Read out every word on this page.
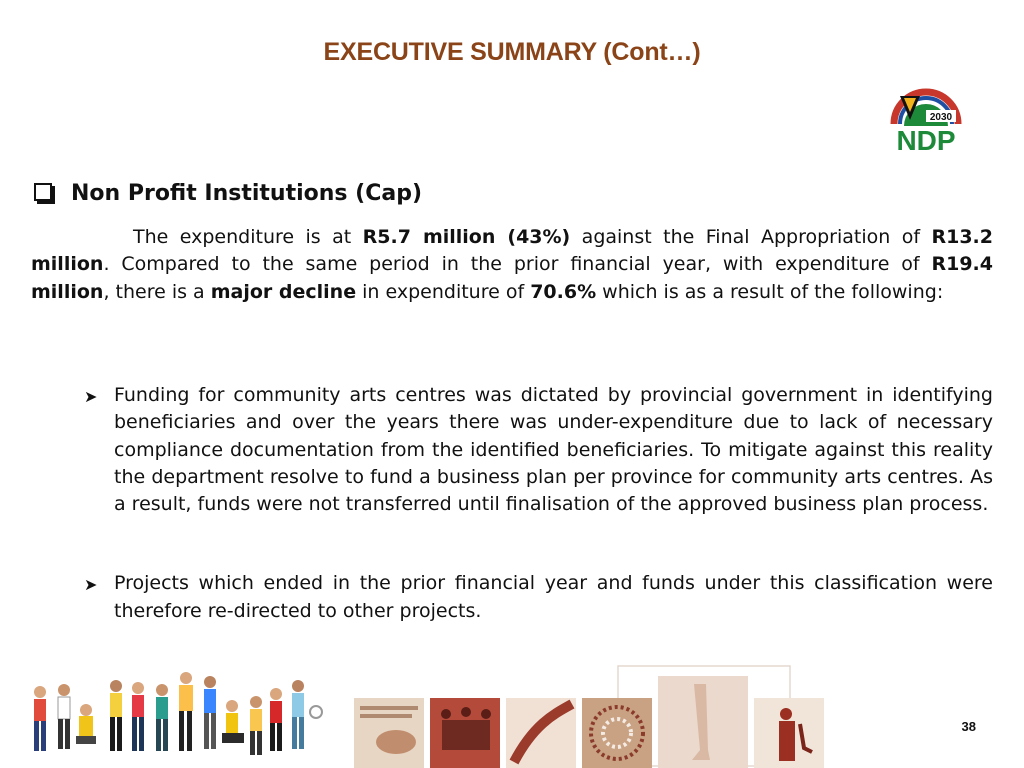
EXECUTIVE SUMMARY (Cont…)
2030
NDP
Non Profit Institutions (Cap)
The expenditure is at R5.7 million (43%) against the Final Appropriation of R13.2 million. Compared to the same period in the prior financial year, with expenditure of R19.4 million, there is a major decline in expenditure of 70.6% which is as a result of the following:
➤ Funding for community arts centres was dictated by provincial government in identifying beneficiaries and over the years there was under-expenditure due to lack of necessary compliance documentation from the identified beneficiaries. To mitigate against this reality the department resolve to fund a business plan per province for community arts centres. As a result, funds were not transferred until finalisation of the approved business plan process.
➤ Projects which ended in the prior financial year and funds under this classification were therefore re-directed to other projects.
38
